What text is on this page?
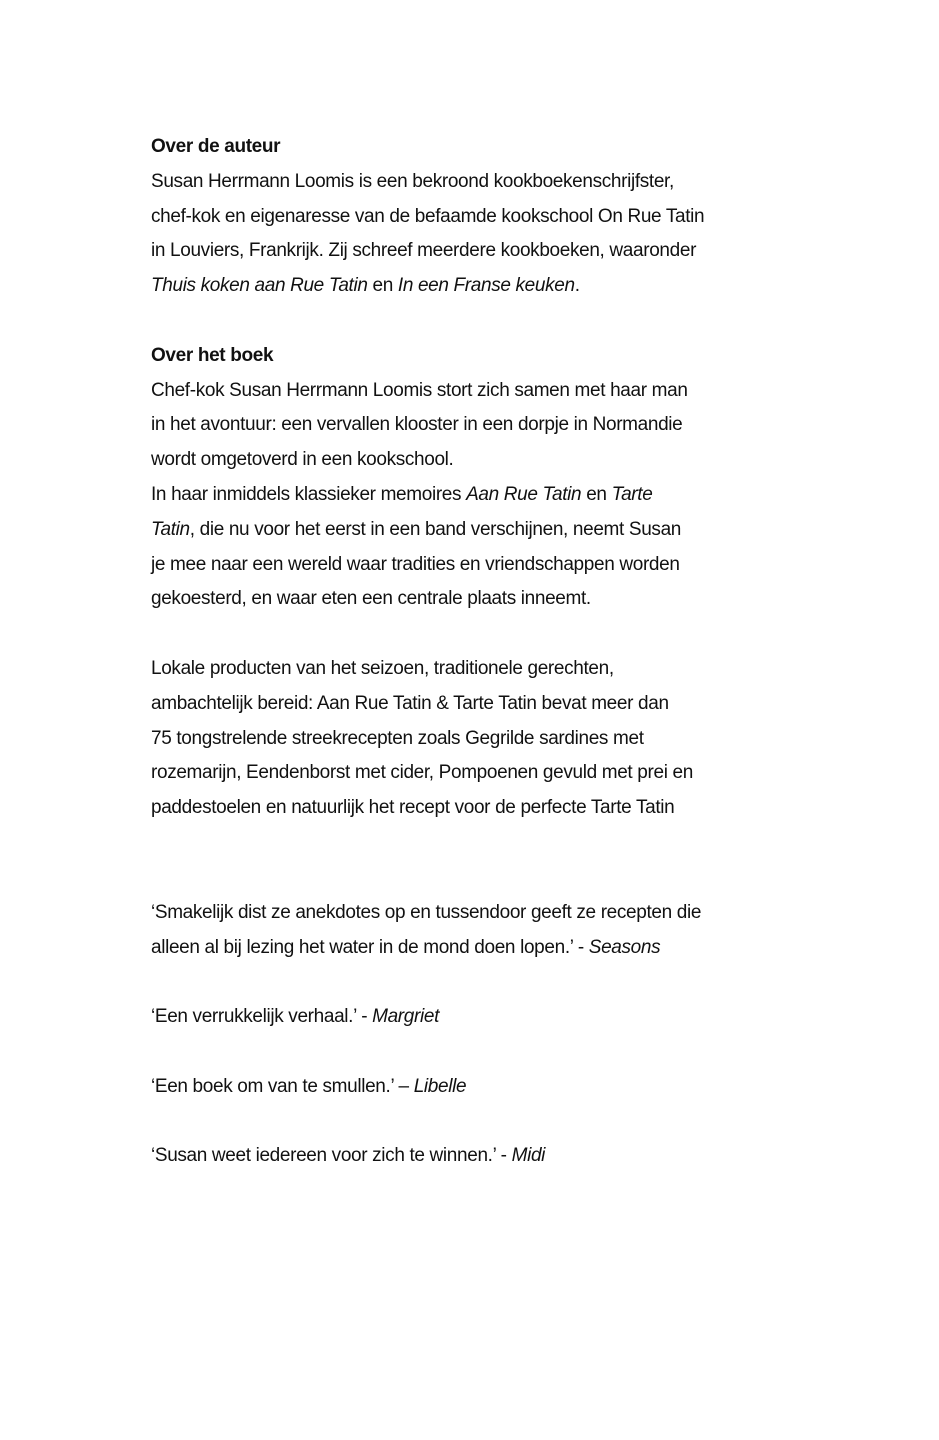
Over de auteur
Susan Herrmann Loomis is een bekroond kookboekenschrijfster,
chef-kok en eigenaresse van de befaamde kookschool On Rue Tatin
in Louviers, Frankrijk. Zij schreef meerdere kookboeken, waaronder
Thuis koken aan Rue Tatin en In een Franse keuken.
Over het boek
Chef-kok Susan Herrmann Loomis stort zich samen met haar man
in het avontuur: een vervallen klooster in een dorpje in Normandie
wordt omgetoverd in een kookschool.
In haar inmiddels klassieker memoires Aan Rue Tatin en Tarte
Tatin, die nu voor het eerst in een band verschijnen, neemt Susan
je mee naar een wereld waar tradities en vriendschappen worden
gekoesterd, en waar eten een centrale plaats inneemt.
Lokale producten van het seizoen, traditionele gerechten,
ambachtelijk bereid: Aan Rue Tatin & Tarte Tatin bevat meer dan
75 tongstrelende streekrecepten zoals Gegrilde sardines met
rozemarijn, Eendenborst met cider, Pompoenen gevuld met prei en
paddestoelen en natuurlijk het recept voor de perfecte Tarte Tatin
‘Smakelijk dist ze anekdotes op en tussendoor geeft ze recepten die
alleen al bij lezing het water in de mond doen lopen.’ - Seasons
‘Een verrukkelijk verhaal.’ - Margriet
‘Een boek om van te smullen.’ – Libelle
‘Susan weet iedereen voor zich te winnen.’ - Midi
